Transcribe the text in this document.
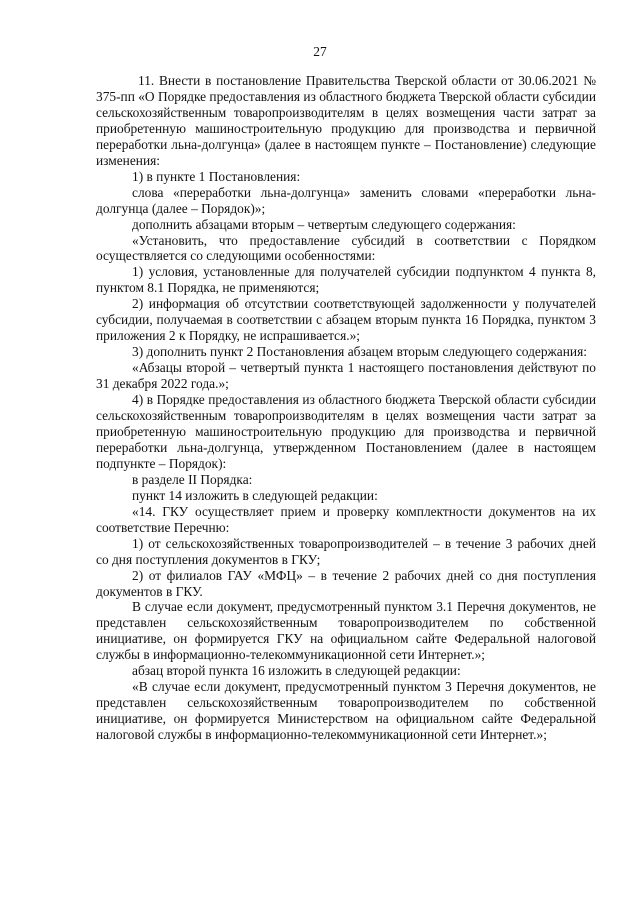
27

11. Внести в постановление Правительства Тверской области от 30.06.2021 № 375-пп «О Порядке предоставления из областного бюджета Тверской области субсидии сельскохозяйственным товаропроизводителям в целях возмещения части затрат за приобретенную машиностроительную продукцию для производства и первичной переработки льна-долгунца» (далее в настоящем пункте – Постановление) следующие изменения:

1) в пункте 1 Постановления:

слова «переработки льна-долгунца» заменить словами «переработки льна-долгунца (далее – Порядок)»;

дополнить абзацами вторым – четвертым следующего содержания:

«Установить, что предоставление субсидий в соответствии с Порядком осуществляется со следующими особенностями:

1) условия, установленные для получателей субсидии подпунктом 4 пункта 8, пунктом 8.1 Порядка, не применяются;

2) информация об отсутствии соответствующей задолженности у получателей субсидии, получаемая в соответствии с абзацем вторым пункта 16 Порядка, пунктом 3 приложения 2 к Порядку, не испрашивается.»;

3) дополнить пункт 2 Постановления абзацем вторым следующего содержания:

«Абзацы второй – четвертый пункта 1 настоящего постановления действуют по 31 декабря 2022 года.»;

4) в Порядке предоставления из областного бюджета Тверской области субсидии сельскохозяйственным товаропроизводителям в целях возмещения части затрат за приобретенную машиностроительную продукцию для производства и первичной переработки льна-долгунца, утвержденном Постановлением (далее в настоящем подпункте – Порядок):

в разделе II Порядка:

пункт 14 изложить в следующей редакции:

«14. ГКУ осуществляет прием и проверку комплектности документов на их соответствие Перечню:

1) от сельскохозяйственных товаропроизводителей – в течение 3 рабочих дней со дня поступления документов в ГКУ;

2) от филиалов ГАУ «МФЦ» – в течение 2 рабочих дней со дня поступления документов в ГКУ.

В случае если документ, предусмотренный пунктом 3.1 Перечня документов, не представлен сельскохозяйственным товаропроизводителем по собственной инициативе, он формируется ГКУ на официальном сайте Федеральной налоговой службы в информационно-телекоммуникационной сети Интернет.»;

абзац второй пункта 16 изложить в следующей редакции:

«В случае если документ, предусмотренный пунктом 3 Перечня документов, не представлен сельскохозяйственным товаропроизводителем по собственной инициативе, он формируется Министерством на официальном сайте Федеральной налоговой службы в информационно-телекоммуникационной сети Интернет.»;
